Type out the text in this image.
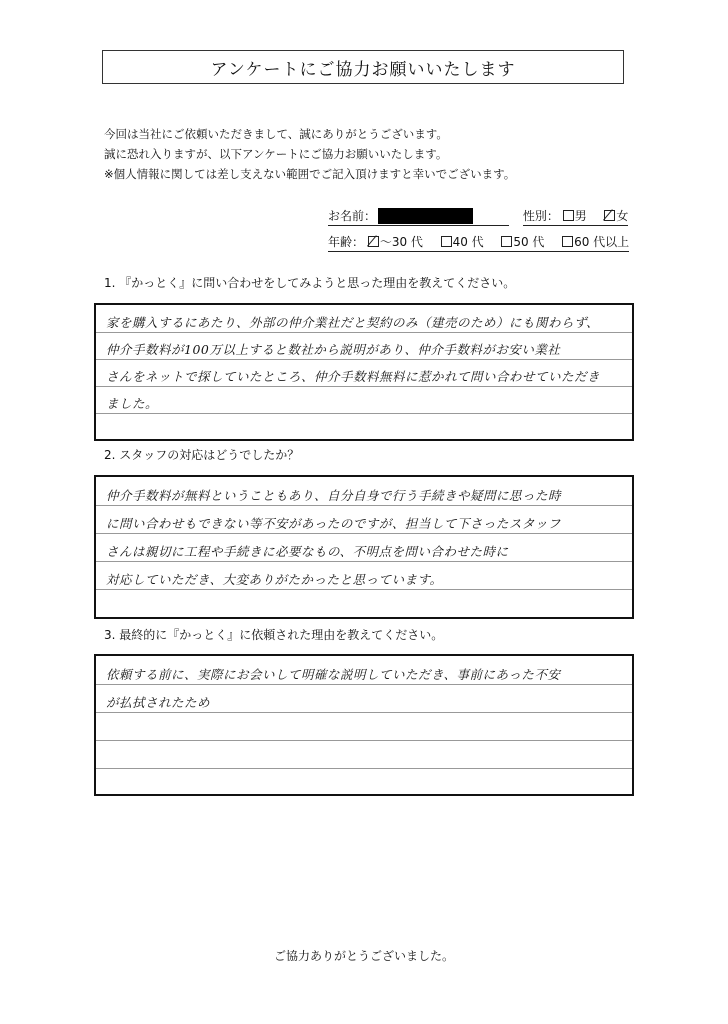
アンケートにご協力お願いいたします
今回は当社にご依頼いただきまして、誠にありがとうございます。
誠に恐れ入りますが、以下アンケートにご協力お願いいたします。
※個人情報に関しては差し支えない範囲でご記入頂けますと幸いでございます。
お名前：	性別： 男 女
年齢： ～30 代 40 代 50 代 60 代以上
1. 『かっとく』に問い合わせをしてみようと思った理由を教えてください。
家を購入するにあたり、外部の仲介業社だと契約のみ（建売のため）にも関わらず、
仲介手数料が100万以上すると数社から説明があり、仲介手数料がお安い業社
さんをネットで探していたところ、仲介手数料無料に惹かれて問い合わせていただき
ました。
2. スタッフの対応はどうでしたか？
仲介手数料が無料ということもあり、自分自身で行う手続きや疑問に思った時
に問い合わせもできない等不安があったのですが、担当して下さったスタッフ
さんは親切に工程や手続きに必要なもの、不明点を問い合わせた時に
対応していただき、大変ありがたかったと思っています。
3. 最終的に『かっとく』に依頼された理由を教えてください。
依頼する前に、実際にお会いして明確な説明していただき、事前にあった不安
が払拭されたため
ご協力ありがとうございました。
